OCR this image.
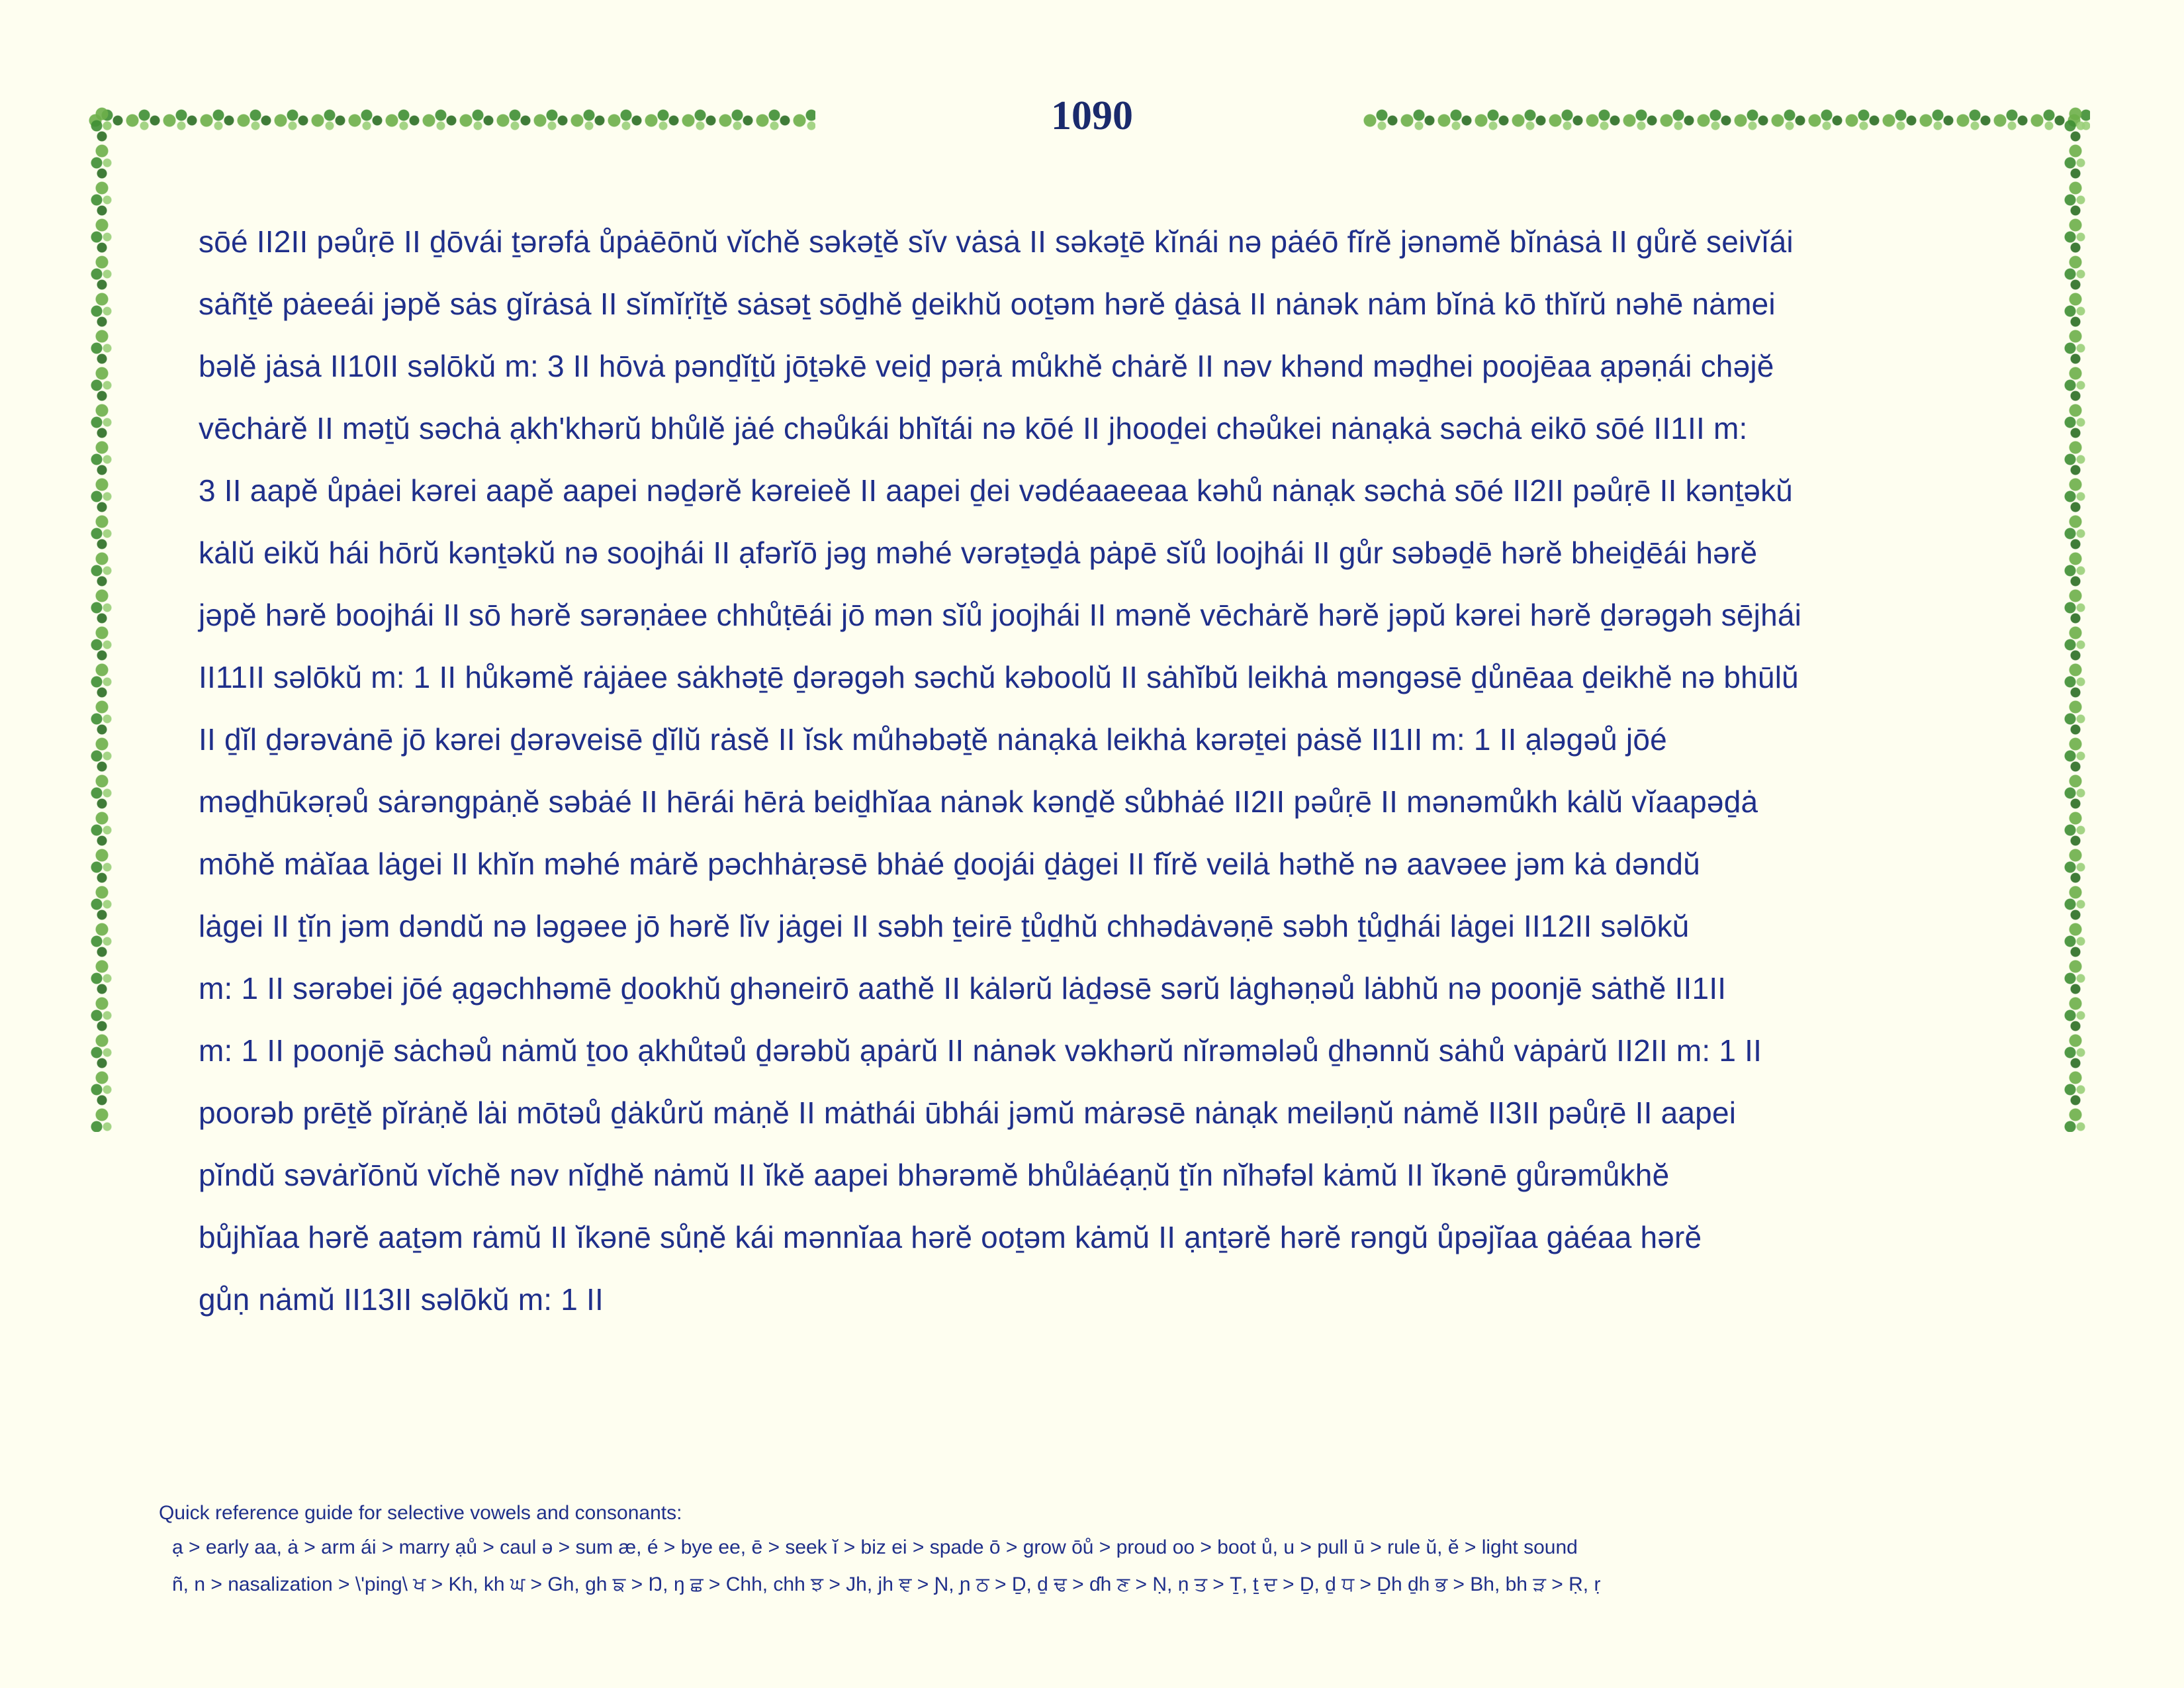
1090
sōé II2II pəůṛē II ḏōvái ṯərəfȧ ůpȧēōnŭ vĭchĕ səkəṯĕ sĭv vȧsȧ II səkəṯē kĭnái nə pȧéō fĭrĕ jənəmĕ bĭnȧsȧ II gůrĕ seivĭái
sȧñṯĕ pȧeeái jəpĕ sȧs gĭrȧsȧ II sĭmĭṛĭṯĕ sȧsəṯ sōḏhĕ ḏeikhŭ ooṯəm hərĕ ḏȧsȧ II nȧnək nȧm bĭnȧ kō thĭrŭ nəhē nȧmei
bəlĕ jȧsȧ II10II səlōkŭ m: 3 II hōvȧ pənḏĭṯŭ jōṯəkē veiḏ pəṛȧ můkhĕ chȧrĕ II nəv khənd məḏhei poojēaa ạpəṇái chəjĕ
vēchȧrĕ II məṯŭ səchȧ ạkh'khərŭ bhůlĕ jȧé chəůkái bhĭtái nə kōé II jhooḏei chəůkei nȧnạkȧ səchȧ eikō sōé II1II m:
3 II aapĕ ůpȧei kərei aapĕ aapei nəḏərĕ kəreieĕ II aapei ḏei vədéaaeeaa kəhů nȧnạk səchȧ sōé II2II pəůṛē II kənṯəkŭ
kȧlŭ eikŭ hái hōrŭ kənṯəkŭ nə soojhái II ạfərĭō jəg məhé vərəṯəḏȧ pȧpē sĭů loojhái II gůr səbəḏē hərĕ bheiḏēái hərĕ
jəpĕ hərĕ boojhái II sō hərĕ sərəṇȧee chhůṭēái jō mən sĭů joojhái II mənĕ vēchȧrĕ hərĕ jəpŭ kərei hərĕ ḏərəgəh sējhái
II11II səlōkŭ m: 1 II hůkəmĕ rȧjȧee sȧkhəṯē ḏərəgəh səchŭ kəboolŭ II sȧhĭbŭ leikhȧ məngəsē ḏůnēaa ḏeikhĕ nə bhūlŭ
II ḏĭl ḏərəvȧnē jō kərei ḏərəveisē ḏĭlŭ rȧsĕ II ĭsk můhəbəṯĕ nȧnạkȧ leikhȧ kərəṯei pȧsĕ II1II m: 1 II ạləgəů jōé
məḏhūkəṛəů sȧrəngpȧṇĕ səbȧé II hērái hērȧ beiḏhĭaa nȧnək kənḏĕ sůbhȧé II2II pəůṛē II mənəmůkh kȧlŭ vĭaapəḏȧ
mōhĕ mȧĭaa lȧgei II khĭn məhé mȧrĕ pəchhȧṛəsē bhȧé ḏoojái ḏȧgei II fĭrĕ veilȧ həthĕ nə aavəee jəm kȧ dəndŭ
lȧgei II ṯĭn jəm dəndŭ nə ləgəee jō hərĕ lĭv jȧgei II səbh ṯeirē ṯůḏhŭ chhədȧvəṇē səbh ṯůḏhái lȧgei II12II səlōkŭ
m: 1 II sərəbei jōé ạgəchhəmē ḏookhŭ ghəneirō aathĕ II kȧlərŭ lȧḏəsē sərŭ lȧghəṇəů lȧbhŭ nə poonjē sȧthĕ II1II
m: 1 II poonjē sȧchəů nȧmŭ ṯoo ạkhůtəů ḏərəbŭ ạpȧrŭ II nȧnək vəkhərŭ nĭrəmələů ḏhənnŭ sȧhů vȧpȧrŭ II2II m: 1 II
poorəb prēṯĕ pĭrȧṇĕ lȧi mōtəů ḏȧkůrŭ mȧṇĕ II mȧthái ūbhái jəmŭ mȧrəsē nȧnạk meiləṇŭ nȧmĕ II3II pəůṛē II aapei
pĭndŭ səvȧrĭōnŭ vĭchĕ nəv nĭḏhĕ nȧmŭ II ĭkĕ aapei bhərəmĕ bhůlȧéạṇŭ ṯĭn nĭhəfəl kȧmŭ II ĭkənē gůrəmůkhĕ
bůjhĭaa hərĕ aaṯəm rȧmŭ II ĭkənē sůṇĕ kái mənnĭaa hərĕ ooṯəm kȧmŭ II ạnṯərĕ hərĕ rəngŭ ůpəjĭaa gȧéaa hərĕ
gůṇ nȧmŭ II13II səlōkŭ m: 1 II
Quick reference guide for selective vowels and consonants:
ạ > early aa, ȧ > arm ái > marry ạů > caul ə > sum æ, é > bye ee, ē > seek ĭ > biz ei > spade ō > grow ōů > proud oo > boot ů, u > pull ū > rule ŭ, ĕ > light sound
ñ, n > nasalization > \'ping\ ਖ > Kh, kh ਘ > Gh, gh ਙ > Ŋ, ŋ ਛ > Chh, chh ਝ > Jh, jh ਞ > Ɲ, ɲ ਠ > Ḏ, ḏ ਢ > ɗh ਣ > Ṇ, ṇ ਤ > Ṯ, ṯ ਦ > Ḏ, ḏ ਧ > Ḏh ḏh ਭ > Bh, bh ੜ > Ṛ, ṛ
